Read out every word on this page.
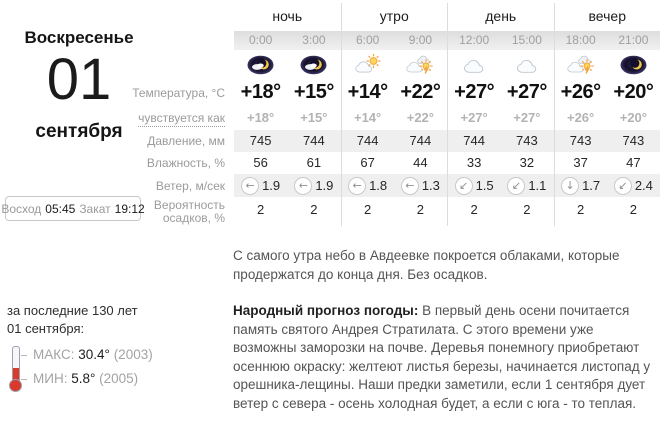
Воскресенье
01
сентября
Восход 05:45 Закат 19:12
за последние 130 лет
01 сентября:
МАКС: 30.4° (2003)
МИН: 5.8° (2005)
ночь	утро	день	вечер
0:00	3:00	6:00	9:00	12:00	15:00	18:00	21:00
Температура, °C +18° +15° +14° +22° +27° +27° +26° +20°
чувствуется как	+18°	+15°	+14°	+22°	+27°	+27°	+26°	+20°
Давление, мм	745	744	744	744	744	743	743	743
Влажность, %	56	61	67	44	33	32	37	47
Ветер, м/сек	← 1.9 ← 1.9 ← 1.8 ← 1.3 ↙ 1.5 ↙ 1.1 ↓ 1.7 ↙ 2.4
Вероятность
осадков, %
2	2	2	2	2	2	2	2

С самого утра небо в Авдеевке покроется облаками, которые продержатся до конца дня. Без осадков.

Народный прогноз погоды: В первый день осени почитается память святого Андрея Стратилата. С этого времени уже возможны заморозки на почве. Деревья понемногу приобретают осеннюю окраску: желтеют листья березы, начинается листопад у орешника-лещины. Наши предки заметили, если 1 сентября дует ветер с севера - осень холодная будет, а если с юга - то теплая.
